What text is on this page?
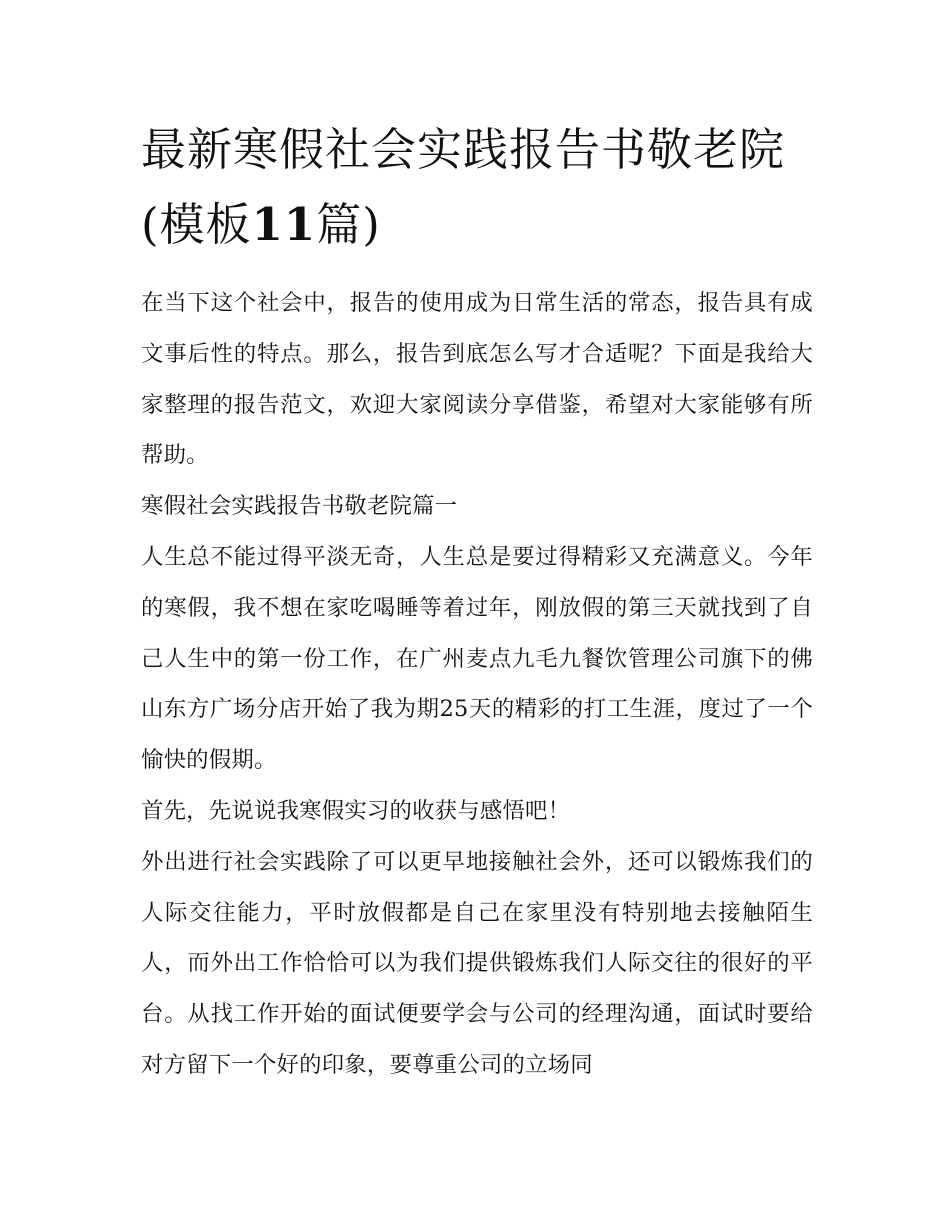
最新寒假社会实践报告书敬老院(模板11篇)

在当下这个社会中，报告的使用成为日常生活的常态，报告具有成文事后性的特点。那么，报告到底怎么写才合适呢？下面是我给大家整理的报告范文，欢迎大家阅读分享借鉴，希望对大家能够有所帮助。

寒假社会实践报告书敬老院篇一

人生总不能过得平淡无奇，人生总是要过得精彩又充满意义。今年的寒假，我不想在家吃喝睡等着过年，刚放假的第三天就找到了自己人生中的第一份工作，在广州麦点九毛九餐饮管理公司旗下的佛山东方广场分店开始了我为期25天的精彩的打工生涯，度过了一个愉快的假期。

首先，先说说我寒假实习的收获与感悟吧！

外出进行社会实践除了可以更早地接触社会外，还可以锻炼我们的人际交往能力，平时放假都是自己在家里没有特别地去接触陌生人，而外出工作恰恰可以为我们提供锻炼我们人际交往的很好的平台。从找工作开始的面试便要学会与公司的经理沟通，面试时要给对方留下一个好的印象，要尊重公司的立场同
